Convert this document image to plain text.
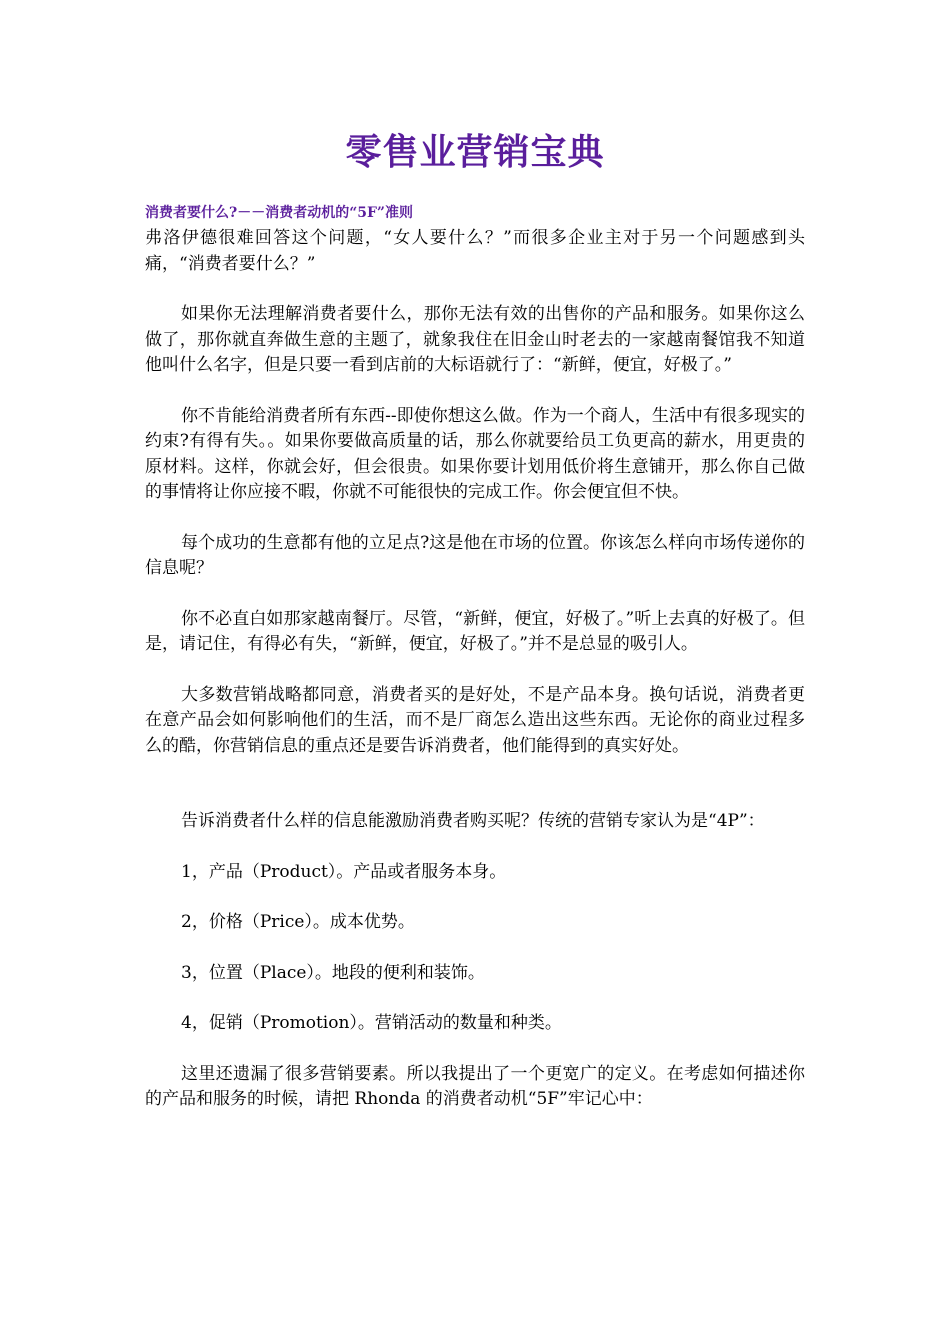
零售业营销宝典
消费者要什么?－－消费者动机的“5F”准则

弗洛伊德很难回答这个问题，“女人要什么？”而很多企业主对于另一个问题感到头痛，“消费者要什么？”

如果你无法理解消费者要什么，那你无法有效的出售你的产品和服务。如果你这么做了，那你就直奔做生意的主题了，就象我住在旧金山时老去的一家越南餐馆我不知道他叫什么名字，但是只要一看到店前的大标语就行了：“新鲜，便宜，好极了。”

你不肯能给消费者所有东西--即使你想这么做。作为一个商人，生活中有很多现实的约束?有得有失。。如果你要做高质量的话，那么你就要给员工负更高的薪水，用更贵的原材料。这样，你就会好，但会很贵。如果你要计划用低价将生意铺开，那么你自己做的事情将让你应接不暇，你就不可能很快的完成工作。你会便宜但不快。

每个成功的生意都有他的立足点?这是他在市场的位置。你该怎么样向市场传递你的信息呢？

你不必直白如那家越南餐厅。尽管，“新鲜，便宜，好极了。”听上去真的好极了。但是，请记住，有得必有失，“新鲜，便宜，好极了。”并不是总显的吸引人。

大多数营销战略都同意，消费者买的是好处，不是产品本身。换句话说，消费者更在意产品会如何影响他们的生活，而不是厂商怎么造出这些东西。无论你的商业过程多么的酷，你营销信息的重点还是要告诉消费者，他们能得到的真实好处。

告诉消费者什么样的信息能激励消费者购买呢？传统的营销专家认为是“4P”：

1，产品（Product）。产品或者服务本身。

2，价格（Price）。成本优势。

3，位置（Place）。地段的便利和装饰。

4，促销（Promotion）。营销活动的数量和种类。

这里还遗漏了很多营销要素。所以我提出了一个更宽广的定义。在考虑如何描述你的产品和服务的时候，请把 Rhonda 的消费者动机“5F”牢记心中：
